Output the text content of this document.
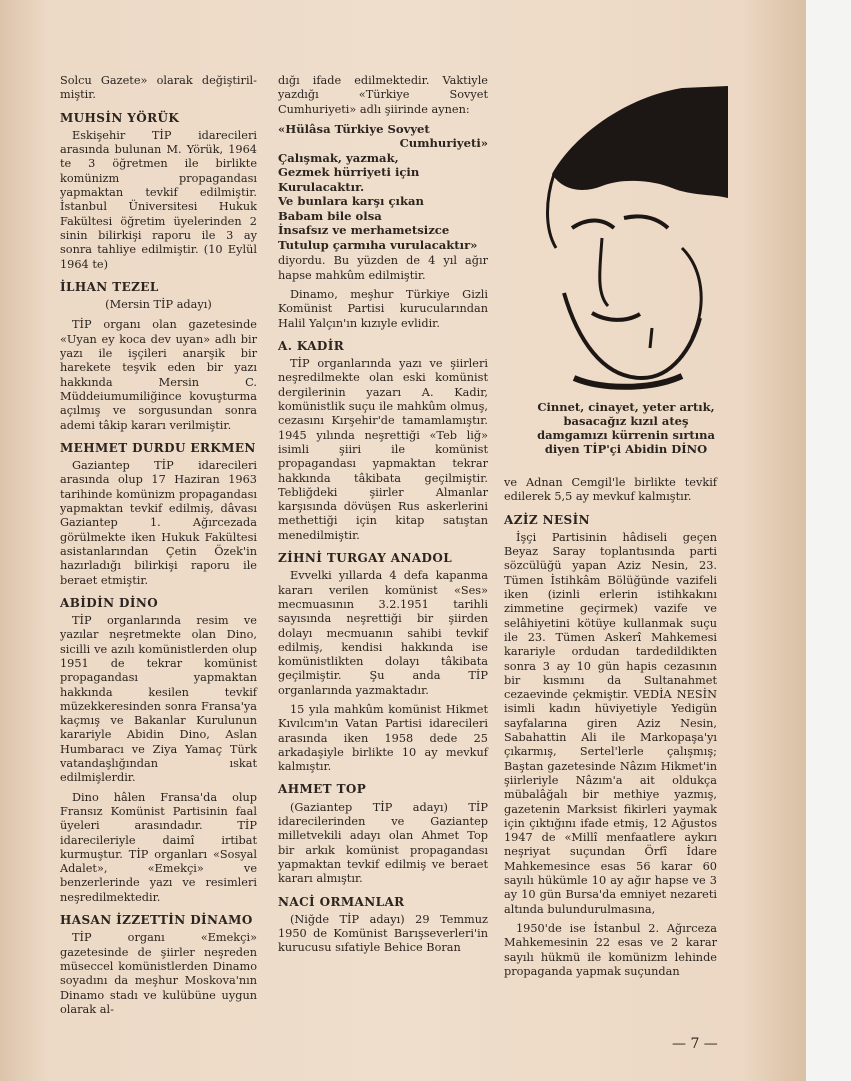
Solcu Gazete» olarak değiştiril-miştir.

MUHSİN YÖRÜK

Eskişehir TİP idarecileri arasında bulunan M. Yörük, 1964 te 3 öğretmen ile birlikte komünizm propagandası yapmaktan tevkif edilmiştir. İstanbul Üniversitesi Hukuk Fakültesi öğretim üyelerinden 2 sinin bilirkişi raporu ile 3 ay sonra tahliye edilmiştir. (10 Eylül 1964 te)

İLHAN TEZEL
(Mersin TİP adayı)

TİP organı olan gazetesinde «Uyan ey koca dev uyan» adlı bir yazı ile işçileri anarşik bir harekete teşvik eden bir yazı hakkında Mersin C. Müddeiumumiliğince kovuşturma açılmış ve sorgusundan sonra ademi tâkip kararı verilmiştir.

MEHMET DURDU ERKMEN

Gaziantep TİP idarecileri arasında olup 17 Haziran 1963 tarihinde komünizm propagandası yapmaktan tevkif edilmiş, dâvası Gaziantep 1. Ağırcezada görülmekte iken Hukuk Fakültesi asistanlarından Çetin Özek'in hazırladığı bilirkişi raporu ile beraet etmiştir.

ABİDİN DİNO

TİP organlarında resim ve yazılar neşretmekte olan Dino, sicilli ve azılı komünistlerden olup 1951 de tekrar komünist propagandası yapmaktan hakkında kesilen tevkif müzekkeresinden sonra Fransa'ya kaçmış ve Bakanlar Kurulunun karariyle Abidin Dino, Aslan Humbaracı ve Ziya Yamaç Türk vatandaşlığından ıskat edilmişlerdir.

Dino hâlen Fransa'da olup Fransız Komünist Partisinin faal üyeleri arasındadır. TİP idarecileriyle daimî irtibat kurmuştur. TİP organları «Sosyal Adalet», «Emekçi» ve benzerlerinde yazı ve resimleri neşredilmektedir.

HASAN İZZETTİN DİNAMO

TİP organı «Emekçi» gazetesinde de şiirler neşreden müseccel komünistlerden Dinamo soyadını da meşhur Moskova'nın Dinamo stadı ve kulübüne uygun olarak al-

dığı ifade edilmektedir. Vaktiyle yazdığı «Türkiye Sovyet Cumhuriyeti» adlı şiirinde aynen:

«Hülâsa Türkiye Sovyet
Cumhuriyeti»
Çalışmak, yazmak,
Gezmek hürriyeti için
Kurulacaktır.
Ve bunlara karşı çıkan
Babam bile olsa
İnsafsız ve merhametsizce
Tutulup çarmıha vurulacaktır»

diyordu. Bu yüzden de 4 yıl ağır hapse mahkûm edilmiştir.

Dinamo, meşhur Türkiye Gizli Komünist Partisi kurucularından Halil Yalçın'ın kızıyle evlidir.

A. KADİR

TİP organlarında yazı ve şiirleri neşredilmekte olan eski komünist dergilerinin yazarı A. Kadir, komünistlik suçu ile mahkûm olmuş, cezasını Kırşehir'de tamamlamıştır. 1945 yılında neşrettiği «Teb liğ» isimli şiiri ile komünist propagandası yapmaktan tekrar hakkında tâkibata geçilmiştir. Tebliğdeki şiirler Almanlar karşısında dövüşen Rus askerlerini methettiği için kitap satıştan menedilmiştir.

ZİHNİ TURGAY ANADOL

Evvelki yıllarda 4 defa kapanma kararı verilen komünist «Ses» mecmuasının 3.2.1951 tarihli sayısında neşrettiği bir şiirden dolayı mecmuanın sahibi tevkif edilmiş, kendisi hakkında ise komünistlikten dolayı tâkibata geçilmiştir. Şu anda TİP organlarında yazmaktadır.

15 yıla mahkûm komünist Hikmet Kıvılcım'ın Vatan Partisi idarecileri arasında iken 1958 dede 25 arkadaşiyle birlikte 10 ay mevkuf kalmıştır.

AHMET TOP

(Gaziantep TİP adayı) TİP idarecilerinden ve Gaziantep milletvekili adayı olan Ahmet Top bir arkık komünist propagandası yapmaktan tevkif edilmiş ve beraet kararı almıştır.

NACİ ORMANLAR

(Niğde TİP adayı) 29 Temmuz 1950 de Komünist Barışseverleri'in kurucusu sıfatiyle Behice Boran

Cinnet, cinayet, yeter artık, basacağız kızıl ateş damgamızı kürrenin sırtına diyen TİP'çi Abidin DİNO

ve Adnan Cemgil'le birlikte tevkif edilerek 5,5 ay mevkuf kalmıştır.

AZİZ NESİN

İşçi Partisinin hâdiseli geçen Beyaz Saray toplantısında parti sözcülüğü yapan Aziz Nesin, 23. Tümen İstihkâm Bölüğünde vazifeli iken (izinli erlerin istihkakını zimmetine geçirmek) vazife ve selâhiyetini kötüye kullanmak suçu ile 23. Tümen Askerî Mahkemesi karariyle ordudan tardedildikten sonra 3 ay 10 gün hapis cezasının bir kısmını da Sultanahmet cezaevinde çekmiştir. VEDİA NESİN isimli kadın hüviyetiyle Yedigün sayfalarına giren Aziz Nesin, Sabahattin Ali ile Markopaşa'yı çıkarmış, Sertel'lerle çalışmış; Baştan gazetesinde Nâzım Hikmet'in şiirleriyle Nâzım'a ait oldukça mübalâğalı bir methiye yazmış, gazetenin Marksist fikirleri yaymak için çıktığını ifade etmiş, 12 Ağustos 1947 de «Millî menfaatlere aykırı neşriyat suçundan Örfî İdare Mahkemesince esas 56 karar 60 sayılı hükümle 10 ay ağır hapse ve 3 ay 10 gün Bursa'da emniyet nezareti altında bulundurulmasına,

1950'de ise İstanbul 2. Ağırceza Mahkemesinin 22 esas ve 2 karar sayılı hükmü ile komünizm lehinde propaganda yapmak suçundan

— 7 —
